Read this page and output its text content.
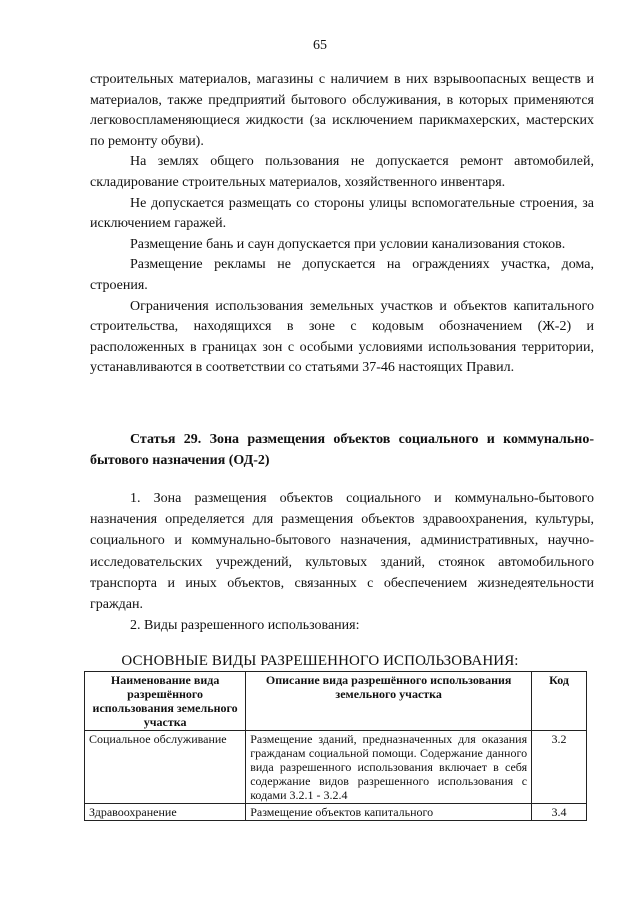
65

строительных материалов, магазины с наличием в них взрывоопасных веществ и материалов, также предприятий бытового обслуживания, в которых применяются легковоспламеняющиеся жидкости (за исключением парикмахерских, мастерских по ремонту обуви).

На землях общего пользования не допускается ремонт автомобилей, складирование строительных материалов, хозяйственного инвентаря.

Не допускается размещать со стороны улицы вспомогательные строения, за исключением гаражей.

Размещение бань и саун допускается при условии канализования стоков.

Размещение рекламы не допускается на ограждениях участка, дома, строения.

Ограничения использования земельных участков и объектов капитального строительства, находящихся в зоне с кодовым обозначением (Ж-2) и расположенных в границах зон с особыми условиями использования территории, устанавливаются в соответствии со статьями 37-46 настоящих Правил.

Статья 29. Зона размещения объектов социального и коммунально-бытового назначения (ОД-2)

1. Зона размещения объектов социального и коммунально-бытового назначения определяется для размещения объектов здравоохранения, культуры, социального и коммунально-бытового назначения, административных, научно-исследовательских учреждений, культовых зданий, стоянок автомобильного транспорта и иных объектов, связанных с обеспечением жизнедеятельности граждан.

2. Виды разрешенного использования:

ОСНОВНЫЕ ВИДЫ РАЗРЕШЕННОГО ИСПОЛЬЗОВАНИЯ:
Наименование вида разрешённого использования земельного участка	Описание вида разрешённого использования земельного участка	Код
Социальное обслуживание	Размещение зданий, предназначенных для оказания гражданам социальной помощи. Содержание данного вида разрешенного использования включает в себя содержание видов разрешенного использования с кодами 3.2.1 - 3.2.4	3.2
Здравоохранение	Размещение объектов капитального	3.4
